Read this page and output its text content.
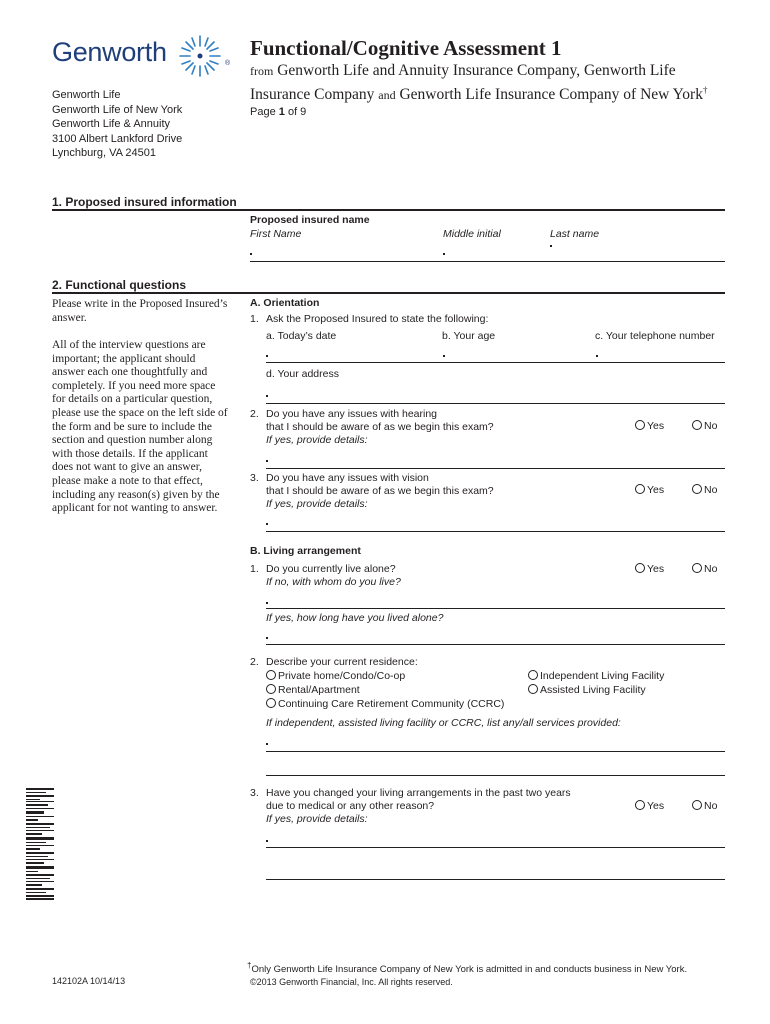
Genworth	®
Genworth Life
Genworth Life of New York
Genworth Life & Annuity
3100 Albert Lankford Drive
Lynchburg, VA 24501
Functional/Cognitive Assessment 1
from Genworth Life and Annuity Insurance Company, Genworth Life
Insurance Company and Genworth Life Insurance Company of New York†
Page 1 of 9
1. Proposed insured information
Proposed insured name
First Name	Middle initial	Last name
2. Functional questions
Please write in the Proposed Insured’s answer.
All of the interview questions are important; the applicant should answer each one thoughtfully and completely. If you need more space for details on a particular question, please use the space on the left side of the form and be sure to include the section and question number along with those details. If the applicant does not want to give an answer, please make a note to that effect, including any reason(s) given by the applicant for not wanting to answer.
A. Orientation
1. Ask the Proposed Insured to state the following:
a. Today’s date	b. Your age	c. Your telephone number
d. Your address
2. Do you have any issues with hearing
that I should be aware of as we begin this exam?
If yes, provide details:
Yes	No
3. Do you have any issues with vision
that I should be aware of as we begin this exam?
If yes, provide details:
Yes	No
B. Living arrangement
1. Do you currently live alone?
If no, with whom do you live?
Yes	No
If yes, how long have you lived alone?
2. Describe your current residence:
Private home/Condo/Co-op
Rental/Apartment
Continuing Care Retirement Community (CCRC)
Independent Living Facility
Assisted Living Facility
If independent, assisted living facility or CCRC, list any/all services provided:
3. Have you changed your living arrangements in the past two years
due to medical or any other reason?
If yes, provide details:
Yes	No
142102A 10/14/13
†Only Genworth Life Insurance Company of New York is admitted in and conducts business in New York.
©2013 Genworth Financial, Inc. All rights reserved.
